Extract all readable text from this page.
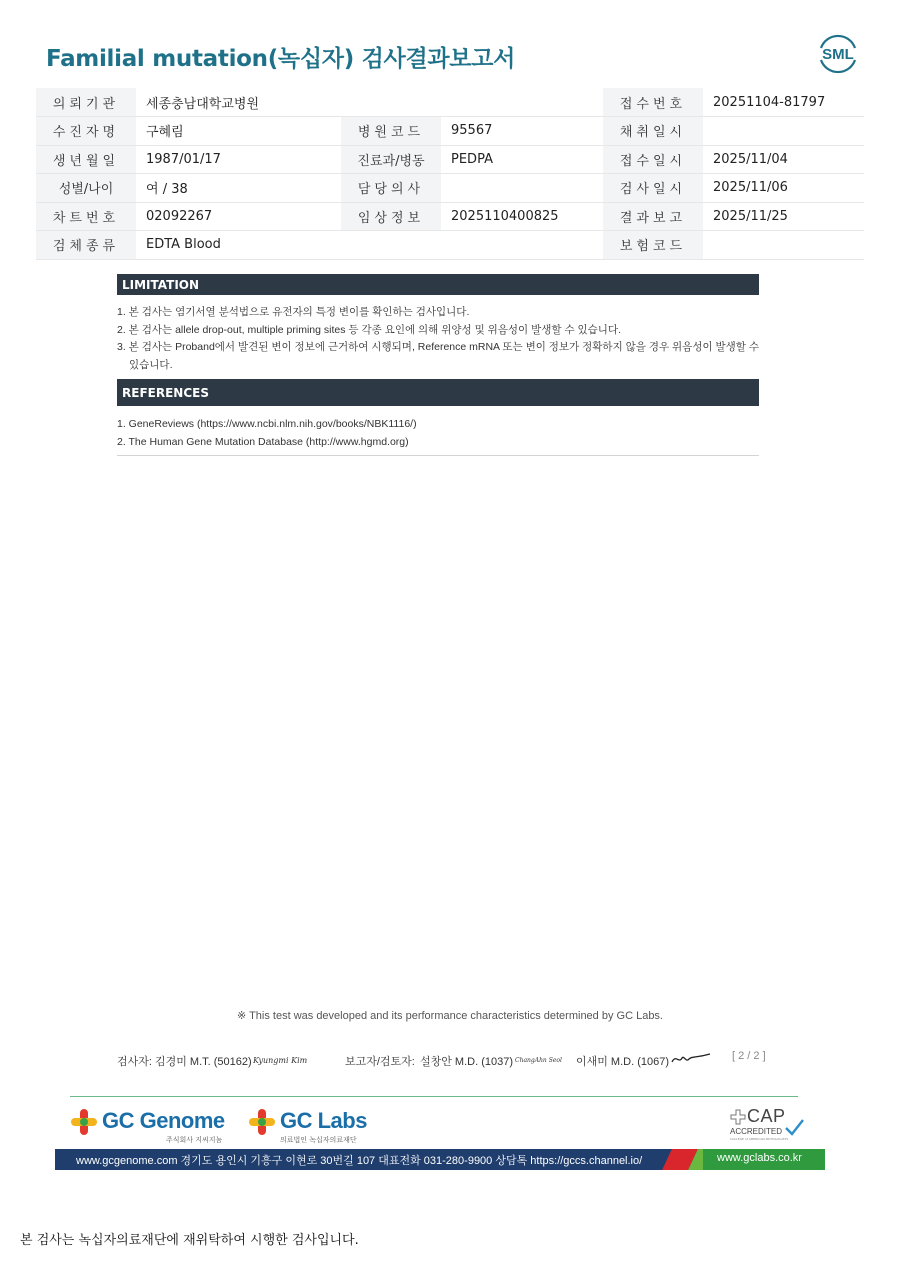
Familial mutation(녹십자) 검사결과보고서	SML
의뢰기관	세종충남대학교병원			접수번호	20251104-81797
수진자명	구혜림	병원코드	95567	채취일시	
생년월일	1987/01/17	진료과/병동	PEDPA	접수일시	2025/11/04
성별/나이	여 / 38	담당의사		검사일시	2025/11/06
차트번호	02092267	임상정보	2025110400825	결과보고	2025/11/25
검체종류	EDTA Blood			보험코드	
LIMITATION
1. 본 검사는 염기서열 분석법으로 유전자의 특정 변이를 확인하는 검사입니다.
2. 본 검사는 allele drop-out, multiple priming sites 등 각종 요인에 의해 위양성 및 위음성이 발생할 수 있습니다.
3. 본 검사는 Proband에서 발견된 변이 정보에 근거하여 시행되며, Reference mRNA 또는 변이 정보가 정확하지 않을 경우 위음성이 발생할 수 있습니다.
REFERENCES
1. GeneReviews (https://www.ncbi.nlm.nih.gov/books/NBK1116/)
2. The Human Gene Mutation Database (http://www.hgmd.org)
※ This test was developed and its performance characteristics determined by GC Labs.
검사자: 김경미 M.T. (50162) Kyungmi Kim	보고자/검토자: 설창안 M.D. (1037) ChangAhn Seol 이새미 M.D. (1067)	[ 2 / 2 ]
GC Genome
주식회사 지씨지놈
GC Labs
의료법인 녹십자의료재단
CAP
ACCREDITED
COLLEGE of AMERICAN PATHOLOGISTS
www.gcgenome.com 경기도 용인시 기흥구 이현로 30번길 107 대표전화 031-280-9900 상담톡 https://gccs.channel.io/	www.gclabs.co.kr
본 검사는 녹십자의료재단에 재위탁하여 시행한 검사입니다.
